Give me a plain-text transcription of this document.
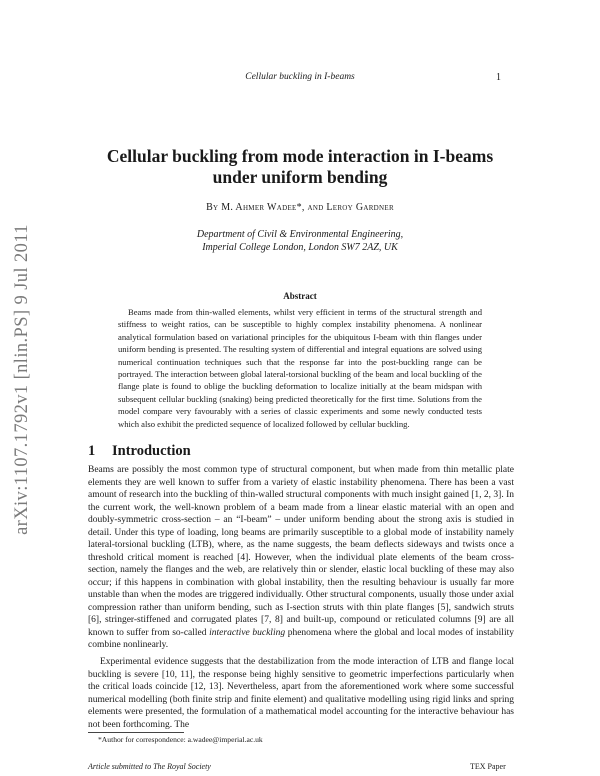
Cellular buckling in I-beams	1
arXiv:1107.1792v1 [nlin.PS] 9 Jul 2011
Cellular buckling from mode interaction in I-beams under uniform bending
By M. Ahmer Wadee*, and Leroy Gardner
Department of Civil & Environmental Engineering,
Imperial College London, London SW7 2AZ, UK
Abstract

Beams made from thin-walled elements, whilst very efficient in terms of the structural strength and stiffness to weight ratios, can be susceptible to highly complex instability phenomena. A nonlinear analytical formulation based on variational principles for the ubiquitous I-beam with thin flanges under uniform bending is presented. The resulting system of differential and integral equations are solved using numerical continuation techniques such that the response far into the post-buckling range can be portrayed. The interaction between global lateral-torsional buckling of the beam and local buckling of the flange plate is found to oblige the buckling deformation to localize initially at the beam midspan with subsequent cellular buckling (snaking) being predicted theoretically for the first time. Solutions from the model compare very favourably with a series of classic experiments and some newly conducted tests which also exhibit the predicted sequence of localized followed by cellular buckling.

1 Introduction

Beams are possibly the most common type of structural component, but when made from thin metallic plate elements they are well known to suffer from a variety of elastic instability phenomena. There has been a vast amount of research into the buckling of thin-walled structural components with much insight gained [1, 2, 3]. In the current work, the well-known problem of a beam made from a linear elastic material with an open and doubly-symmetric cross-section – an “I-beam” – under uniform bending about the strong axis is studied in detail. Under this type of loading, long beams are primarily susceptible to a global mode of instability namely lateral-torsional buckling (LTB), where, as the name suggests, the beam deflects sideways and twists once a threshold critical moment is reached [4]. However, when the individual plate elements of the beam cross-section, namely the flanges and the web, are relatively thin or slender, elastic local buckling of these may also occur; if this happens in combination with global instability, then the resulting behaviour is usually far more unstable than when the modes are triggered individually. Other structural components, usually those under axial compression rather than uniform bending, such as I-section struts with thin plate flanges [5], sandwich struts [6], stringer-stiffened and corrugated plates [7, 8] and built-up, compound or reticulated columns [9] are all known to suffer from so-called interactive buckling phenomena where the global and local modes of instability combine nonlinearly.

Experimental evidence suggests that the destabilization from the mode interaction of LTB and flange local buckling is severe [10, 11], the response being highly sensitive to geometric imperfections particularly when the critical loads coincide [12, 13]. Nevertheless, apart from the aforementioned work where some successful numerical modelling (both finite strip and finite element) and qualitative modelling using rigid links and spring elements were presented, the formulation of a mathematical model accounting for the interactive behaviour has not been forthcoming. The

*Author for correspondence: a.wadee@imperial.ac.uk
Article submitted to The Royal Society	TEX Paper
